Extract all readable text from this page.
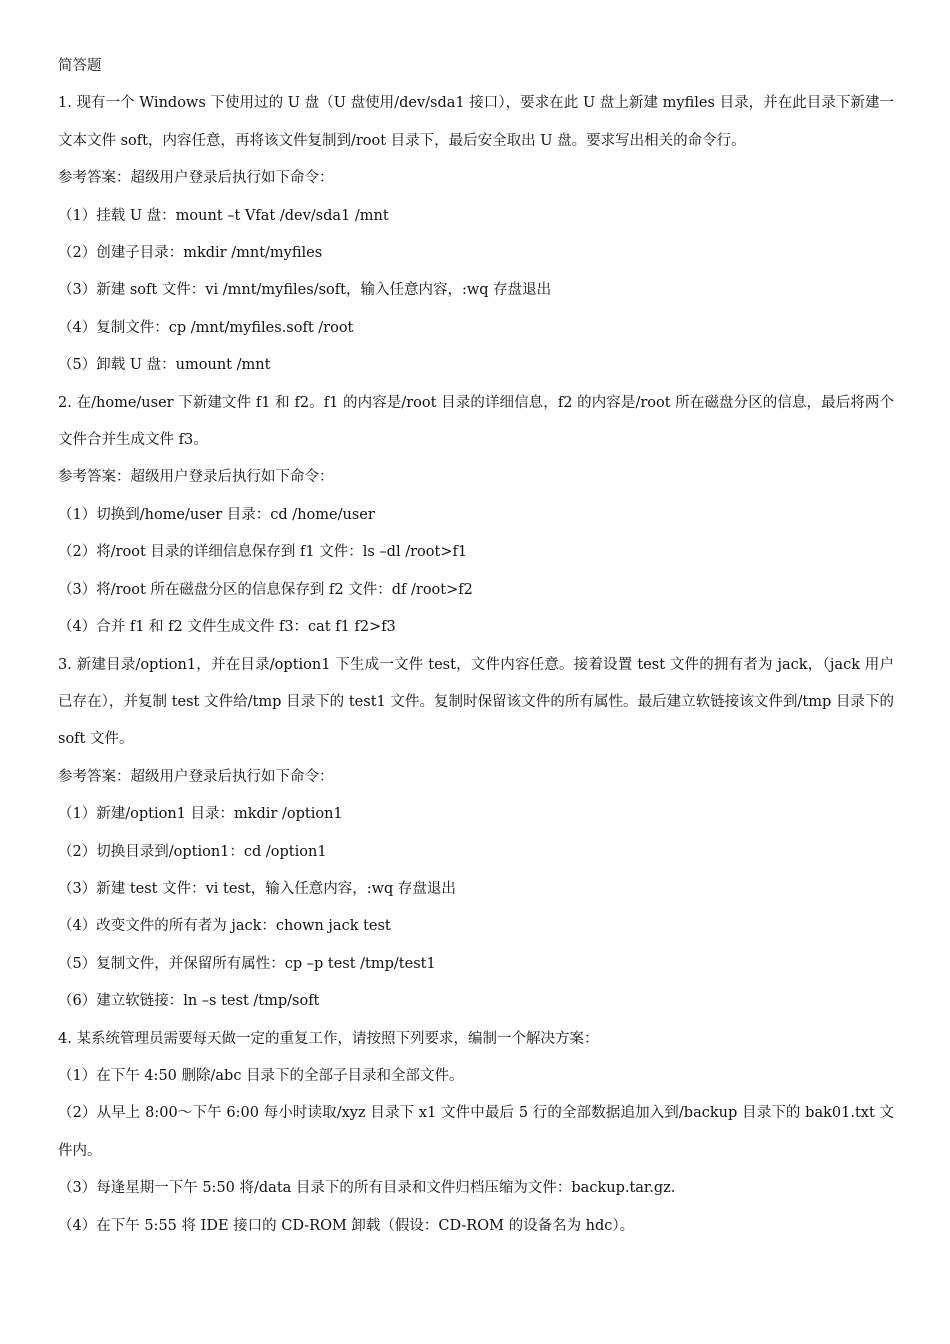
简答题
1. 现有一个 Windows 下使用过的 U 盘（U 盘使用/dev/sda1 接口），要求在此 U 盘上新建 myfiles 目录，并在此目录下新建一文本文件 soft，内容任意，再将该文件复制到/root 目录下，最后安全取出 U 盘。要求写出相关的命令行。
参考答案：超级用户登录后执行如下命令：
（1）挂载 U 盘：mount –t Vfat /dev/sda1 /mnt
（2）创建子目录：mkdir /mnt/myfiles
（3）新建 soft 文件：vi /mnt/myfiles/soft，输入任意内容，:wq 存盘退出
（4）复制文件：cp /mnt/myfiles.soft /root
（5）卸载 U 盘：umount /mnt
2. 在/home/user 下新建文件 f1 和 f2。f1 的内容是/root 目录的详细信息，f2 的内容是/root 所在磁盘分区的信息，最后将两个文件合并生成文件 f3。
参考答案：超级用户登录后执行如下命令：
（1）切换到/home/user 目录：cd /home/user
（2）将/root 目录的详细信息保存到 f1 文件：ls –dl /root>f1
（3）将/root 所在磁盘分区的信息保存到 f2 文件：df /root>f2
（4）合并 f1 和 f2 文件生成文件 f3：cat f1 f2>f3
3. 新建目录/option1，并在目录/option1 下生成一文件 test，文件内容任意。接着设置 test 文件的拥有者为 jack，（jack 用户已存在），并复制 test 文件给/tmp 目录下的 test1 文件。复制时保留该文件的所有属性。最后建立软链接该文件到/tmp 目录下的 soft 文件。
参考答案：超级用户登录后执行如下命令：
（1）新建/option1 目录：mkdir /option1
（2）切换目录到/option1：cd /option1
（3）新建 test 文件：vi test，输入任意内容，:wq 存盘退出
（4）改变文件的所有者为 jack：chown jack test
（5）复制文件，并保留所有属性：cp –p test /tmp/test1
（6）建立软链接：ln –s test /tmp/soft
4. 某系统管理员需要每天做一定的重复工作，请按照下列要求，编制一个解决方案：
（1）在下午 4:50 删除/abc 目录下的全部子目录和全部文件。
（2）从早上 8:00～下午 6:00 每小时读取/xyz 目录下 x1 文件中最后 5 行的全部数据追加入到/backup 目录下的 bak01.txt 文件内。
（3）每逢星期一下午 5:50 将/data 目录下的所有目录和文件归档压缩为文件：backup.tar.gz.
（4）在下午 5:55 将 IDE 接口的 CD-ROM 卸载（假设：CD-ROM 的设备名为 hdc）。
